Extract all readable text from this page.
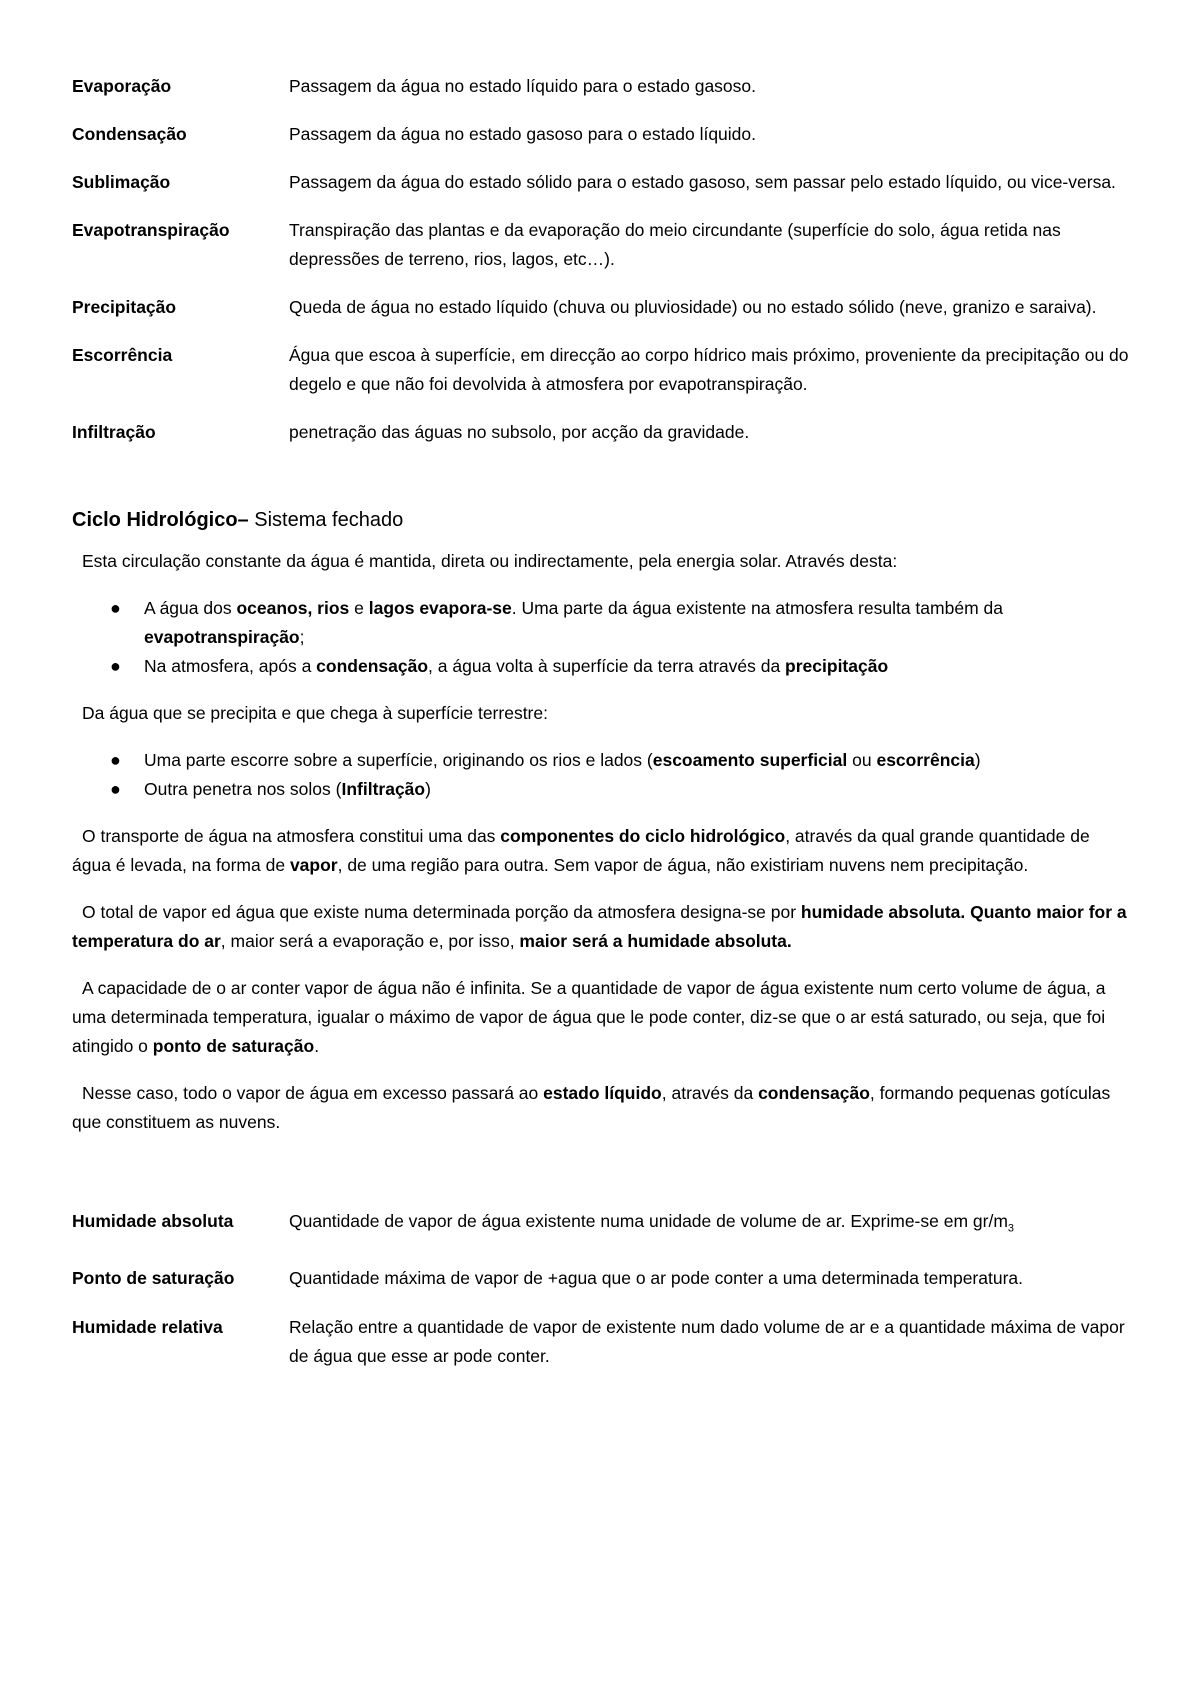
Evaporação	Passagem da água no estado líquido para o estado gasoso.
Condensação	Passagem da água no estado gasoso para o estado líquido.
Sublimação	Passagem da água do estado sólido para o estado gasoso, sem passar pelo estado líquido, ou vice-versa.
Evapotranspiração	Transpiração das plantas e da evaporação do meio circundante (superfície do solo, água retida nas depressões de terreno, rios, lagos, etc…).
Precipitação	Queda de água no estado líquido (chuva ou pluviosidade) ou no estado sólido (neve, granizo e saraiva).
Escorrência	Água que escoa à superfície, em direcção ao corpo hídrico mais próximo, proveniente da precipitação ou do degelo e que não foi devolvida à atmosfera por evapotranspiração.
Infiltração	penetração das águas no subsolo, por acção da gravidade.
Ciclo Hidrológico– Sistema fechado

Esta circulação constante da água é mantida, direta ou indirectamente, pela energia solar. Através desta:

● A água dos oceanos, rios e lagos evapora-se. Uma parte da água existente na atmosfera resulta também da evapotranspiração;
● Na atmosfera, após a condensação, a água volta à superfície da terra através da precipitação

Da água que se precipita e que chega à superfície terrestre:

● Uma parte escorre sobre a superfície, originando os rios e lados (escoamento superficial ou escorrência)
● Outra penetra nos solos (Infiltração)

O transporte de água na atmosfera constitui uma das componentes do ciclo hidrológico, através da qual grande quantidade de água é levada, na forma de vapor, de uma região para outra. Sem vapor de água, não existiriam nuvens nem precipitação.

O total de vapor ed água que existe numa determinada porção da atmosfera designa-se por humidade absoluta. Quanto maior for a temperatura do ar, maior será a evaporação e, por isso, maior será a humidade absoluta.

A capacidade de o ar conter vapor de água não é infinita. Se a quantidade de vapor de água existente num certo volume de água, a uma determinada temperatura, igualar o máximo de vapor de água que le pode conter, diz-se que o ar está saturado, ou seja, que foi atingido o ponto de saturação.

Nesse caso, todo o vapor de água em excesso passará ao estado líquido, através da condensação, formando pequenas gotículas que constituem as nuvens.

Humidade absoluta	Quantidade de vapor de água existente numa unidade de volume de ar. Exprime-se em $gr/m_3$
Ponto de saturação	Quantidade máxima de vapor de +agua que o ar pode conter a uma determinada temperatura.
Humidade relativa	Relação entre a quantidade de vapor de existente num dado volume de ar e a quantidade máxima de vapor de água que esse ar pode conter.
